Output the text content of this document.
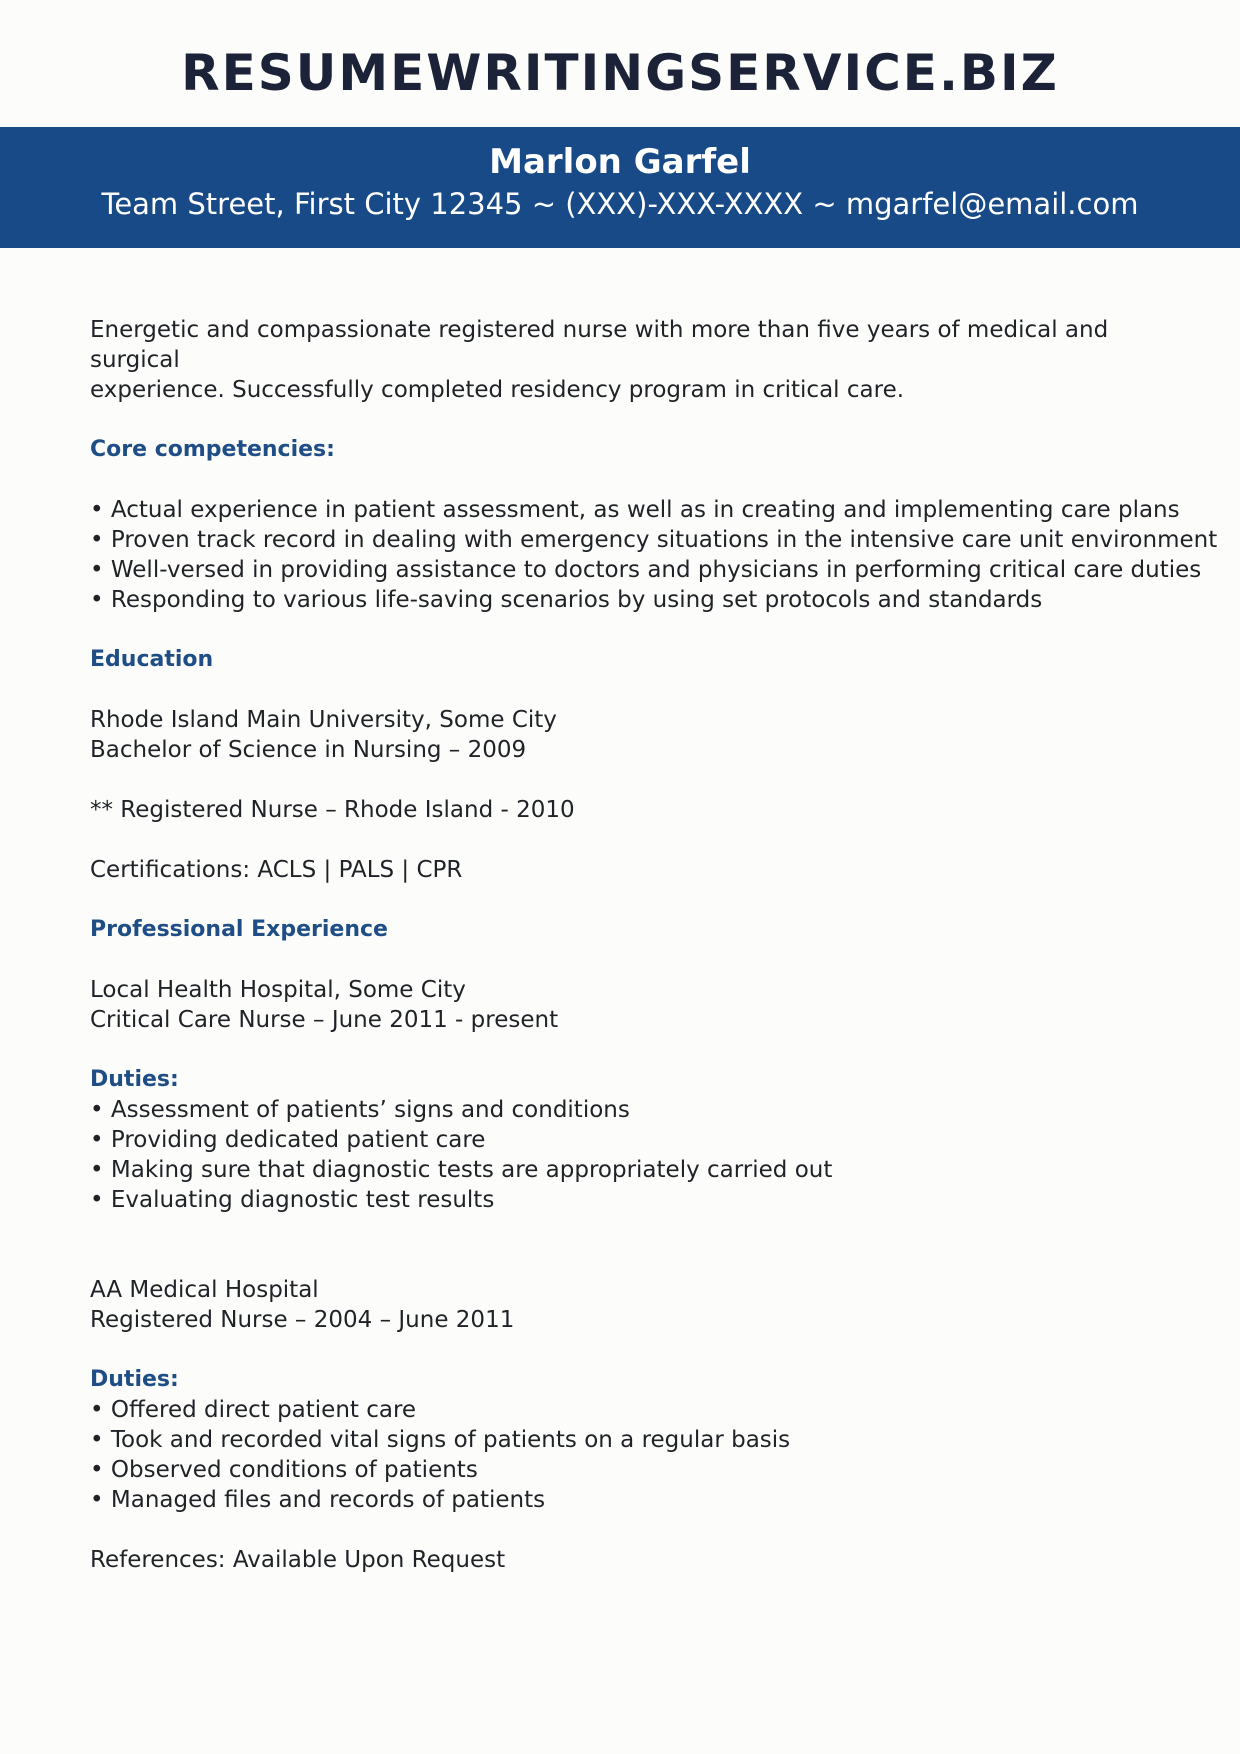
RESUMEWRITINGSERVICE.BIZ
Marlon Garfel
Team Street, First City 12345 ~ (XXX)-XXX-XXXX ~ mgarfel@email.com

Energetic and compassionate registered nurse with more than five years of medical and surgical

experience. Successfully completed residency program in critical care.

Core competencies:

• Actual experience in patient assessment, as well as in creating and implementing care plans
• Proven track record in dealing with emergency situations in the intensive care unit environment
• Well-versed in providing assistance to doctors and physicians in performing critical care duties
• Responding to various life-saving scenarios by using set protocols and standards

Education

Rhode Island Main University, Some City

Bachelor of Science in Nursing – 2009

** Registered Nurse – Rhode Island - 2010

Certifications: ACLS | PALS | CPR

Professional Experience

Local Health Hospital, Some City

Critical Care Nurse – June 2011 - present

Duties:

• Assessment of patients’ signs and conditions
• Providing dedicated patient care
• Making sure that diagnostic tests are appropriately carried out
• Evaluating diagnostic test results

AA Medical Hospital

Registered Nurse – 2004 – June 2011

Duties:

• Offered direct patient care
• Took and recorded vital signs of patients on a regular basis
• Observed conditions of patients
• Managed files and records of patients

References: Available Upon Request
